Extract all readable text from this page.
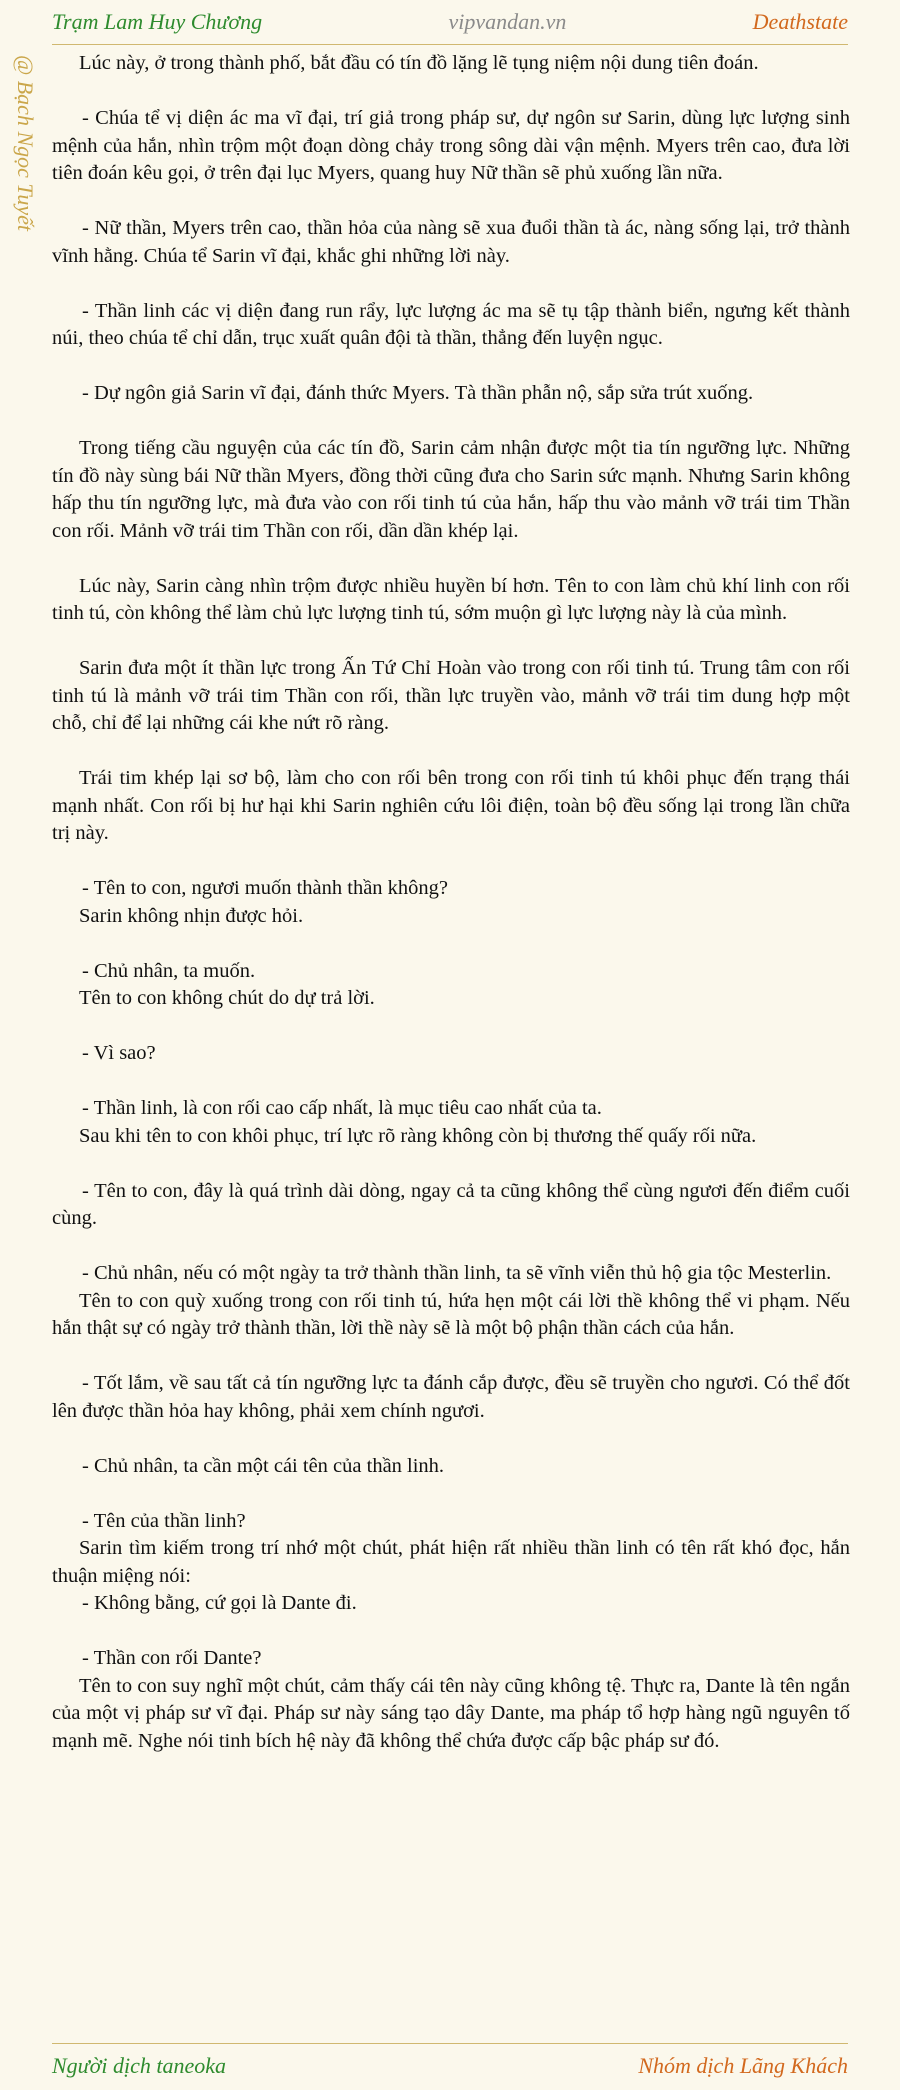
Trạm Lam Huy Chương	vipvandan.vn	Deathstate
@ Bạch Ngọc Tuyết	Lúc này, ở trong thành phố, bắt đầu có tín đồ lặng lẽ tụng niệm nội dung tiên đoán.

- Chúa tể vị diện ác ma vĩ đại, trí giả trong pháp sư, dự ngôn sư Sarin, dùng lực lượng sinh mệnh của hắn, nhìn trộm một đoạn dòng chảy trong sông dài vận mệnh. Myers trên cao, đưa lời tiên đoán kêu gọi, ở trên đại lục Myers, quang huy Nữ thần sẽ phủ xuống lần nữa.

- Nữ thần, Myers trên cao, thần hỏa của nàng sẽ xua đuổi thần tà ác, nàng sống lại, trở thành vĩnh hằng. Chúa tể Sarin vĩ đại, khắc ghi những lời này.

- Thần linh các vị diện đang run rẩy, lực lượng ác ma sẽ tụ tập thành biển, ngưng kết thành núi, theo chúa tể chỉ dẫn, trục xuất quân đội tà thần, thẳng đến luyện ngục.

- Dự ngôn giả Sarin vĩ đại, đánh thức Myers. Tà thần phẫn nộ, sắp sửa trút xuống.

Trong tiếng cầu nguyện của các tín đồ, Sarin cảm nhận được một tia tín ngưỡng lực. Những tín đồ này sùng bái Nữ thần Myers, đồng thời cũng đưa cho Sarin sức mạnh. Nhưng Sarin không hấp thu tín ngưỡng lực, mà đưa vào con rối tinh tú của hắn, hấp thu vào mảnh vỡ trái tim Thần con rối. Mảnh vỡ trái tim Thần con rối, dần dần khép lại.

Lúc này, Sarin càng nhìn trộm được nhiều huyền bí hơn. Tên to con làm chủ khí linh con rối tinh tú, còn không thể làm chủ lực lượng tinh tú, sớm muộn gì lực lượng này là của mình.

Sarin đưa một ít thần lực trong Ấn Tứ Chỉ Hoàn vào trong con rối tinh tú. Trung tâm con rối tinh tú là mảnh vỡ trái tim Thần con rối, thần lực truyền vào, mảnh vỡ trái tim dung hợp một chỗ, chỉ để lại những cái khe nứt rõ ràng.

Trái tim khép lại sơ bộ, làm cho con rối bên trong con rối tinh tú khôi phục đến trạng thái mạnh nhất. Con rối bị hư hại khi Sarin nghiên cứu lôi điện, toàn bộ đều sống lại trong lần chữa trị này.

- Tên to con, ngươi muốn thành thần không?

Sarin không nhịn được hỏi.

- Chủ nhân, ta muốn.

Tên to con không chút do dự trả lời.

- Vì sao?

- Thần linh, là con rối cao cấp nhất, là mục tiêu cao nhất của ta.

Sau khi tên to con khôi phục, trí lực rõ ràng không còn bị thương thế quấy rối nữa.

- Tên to con, đây là quá trình dài dòng, ngay cả ta cũng không thể cùng ngươi đến điểm cuối cùng.

- Chủ nhân, nếu có một ngày ta trở thành thần linh, ta sẽ vĩnh viễn thủ hộ gia tộc Mesterlin.

Tên to con quỳ xuống trong con rối tinh tú, hứa hẹn một cái lời thề không thể vi phạm. Nếu hắn thật sự có ngày trở thành thần, lời thề này sẽ là một bộ phận thần cách của hắn.

- Tốt lắm, về sau tất cả tín ngưỡng lực ta đánh cắp được, đều sẽ truyền cho ngươi. Có thể đốt lên được thần hỏa hay không, phải xem chính ngươi.

- Chủ nhân, ta cần một cái tên của thần linh.

- Tên của thần linh?

Sarin tìm kiếm trong trí nhớ một chút, phát hiện rất nhiều thần linh có tên rất khó đọc, hắn thuận miệng nói:

- Không bằng, cứ gọi là Dante đi.

- Thần con rối Dante?

Tên to con suy nghĩ một chút, cảm thấy cái tên này cũng không tệ. Thực ra, Dante là tên ngắn của một vị pháp sư vĩ đại. Pháp sư này sáng tạo dây Dante, ma pháp tổ hợp hàng ngũ nguyên tố mạnh mẽ. Nghe nói tinh bích hệ này đã không thể chứa được cấp bậc pháp sư đó.

Người dịch taneoka	Nhóm dịch Lãng Khách
